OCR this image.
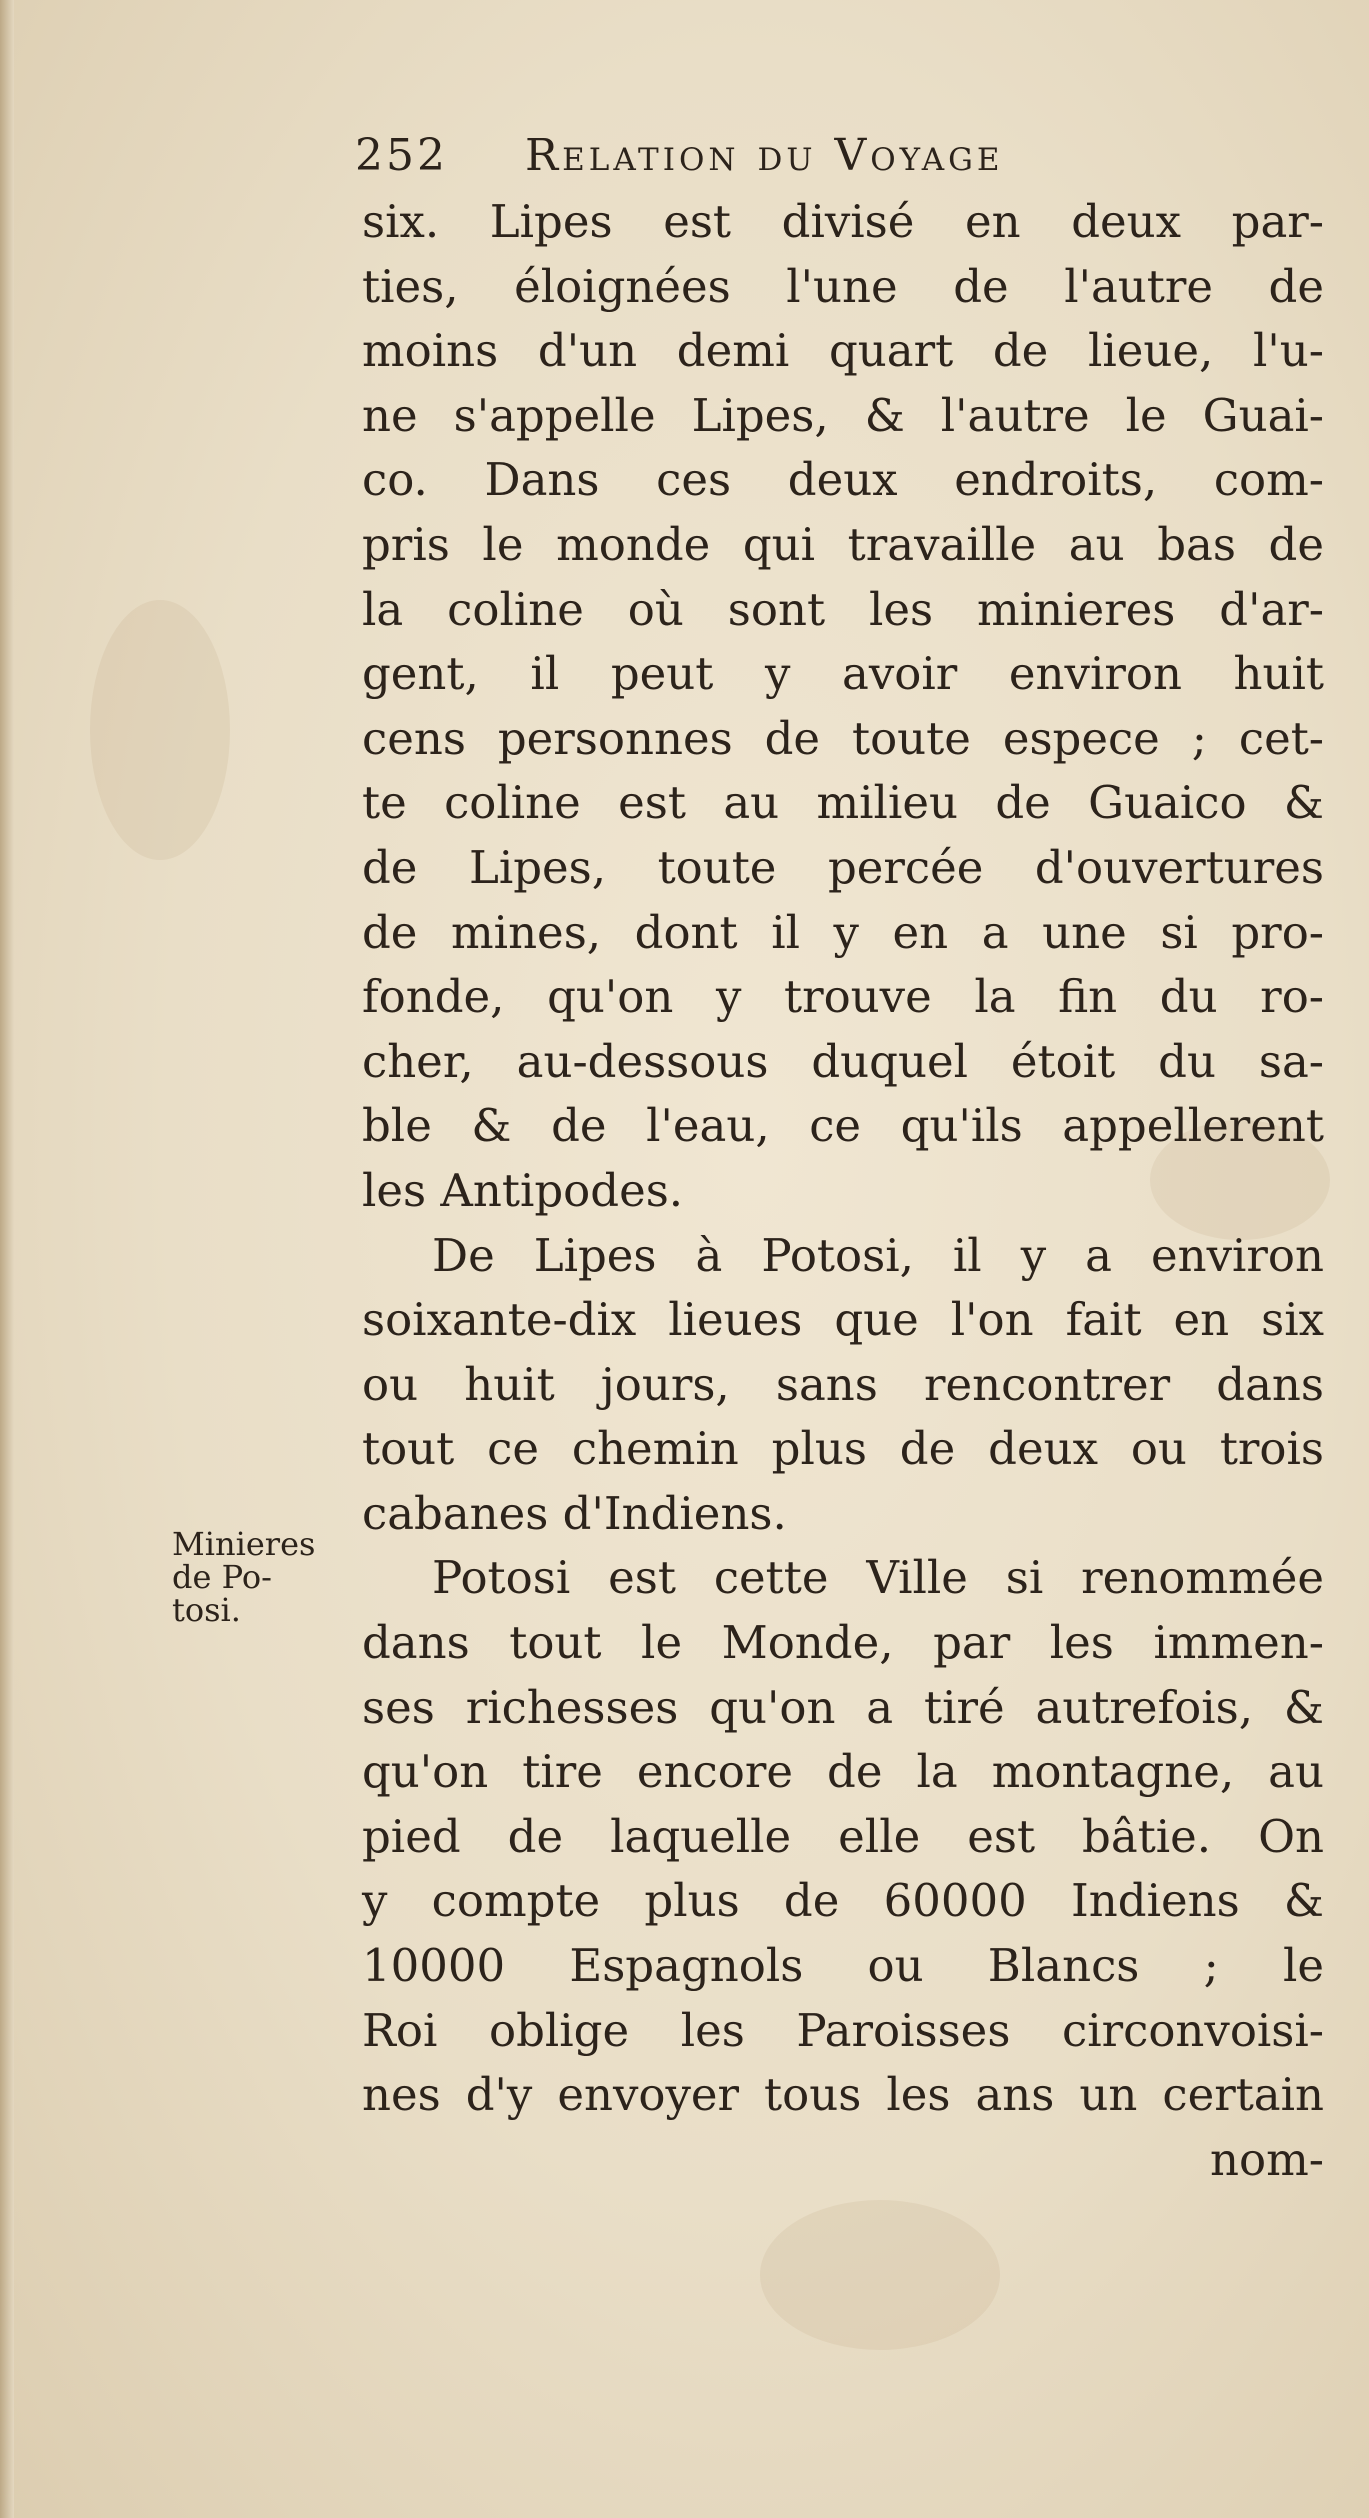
252 Relation du Voyage
six. Lipes est divisé en deux par-
ties, éloignées l'une de l'autre de
moins d'un demi quart de lieue, l'u-
ne s'appelle Lipes, & l'autre le Guai-
co. Dans ces deux endroits, com-
pris le monde qui travaille au bas de
la coline où sont les minieres d'ar-
gent, il peut y avoir environ huit
cens personnes de toute espece ; cet-
te coline est au milieu de Guaico &
de Lipes, toute percée d'ouvertures
de mines, dont il y en a une si pro-
fonde, qu'on y trouve la fin du ro-
cher, au-dessous duquel étoit du sa-
ble & de l'eau, ce qu'ils appellerent
les Antipodes.
De Lipes à Potosi, il y a environ
soixante-dix lieues que l'on fait en six
ou huit jours, sans rencontrer dans
tout ce chemin plus de deux ou trois
cabanes d'Indiens.
Potosi est cette Ville si renommée
dans tout le Monde, par les immen-
ses richesses qu'on a tiré autrefois, &
qu'on tire encore de la montagne, au
pied de laquelle elle est bâtie. On
y compte plus de 60000 Indiens &
10000 Espagnols ou Blancs ; le
Roi oblige les Paroisses circonvoisi-
nes d'y envoyer tous les ans un certain
nom-
Minieres
de Po-
tosi.
